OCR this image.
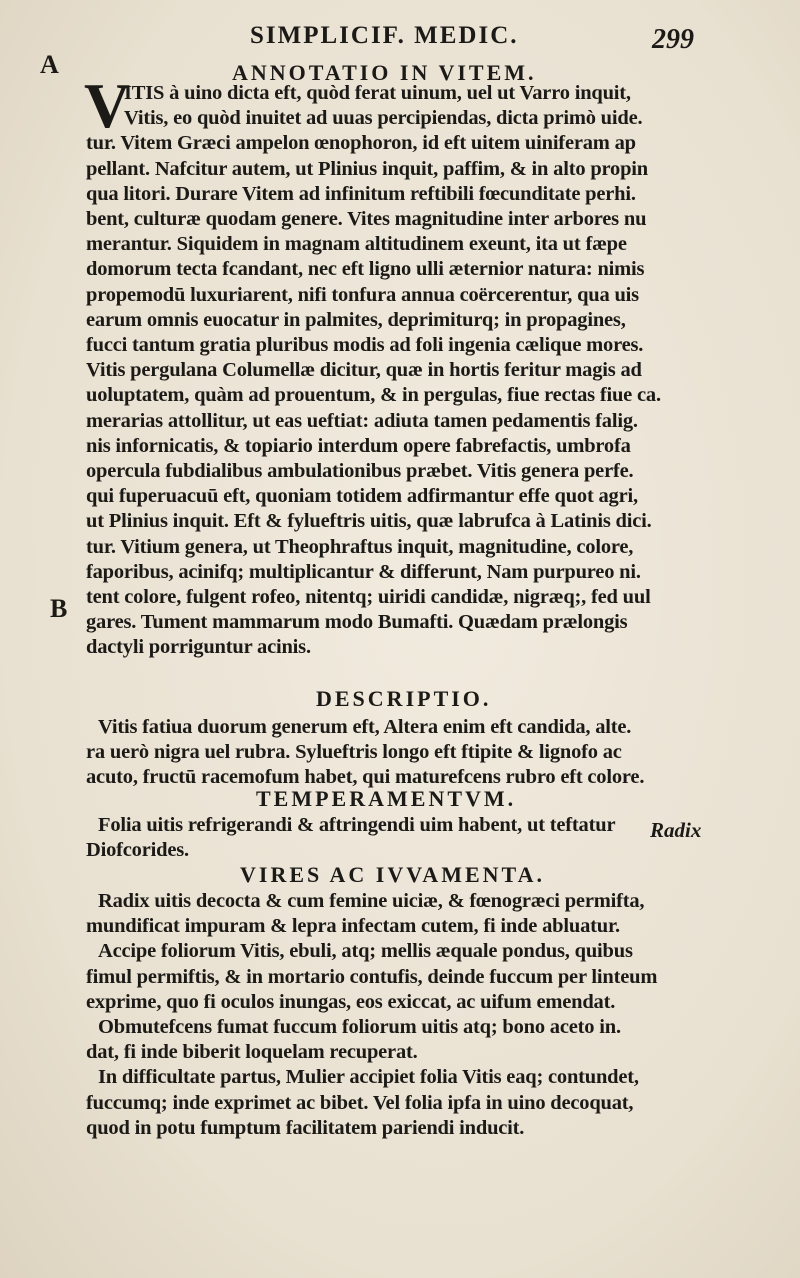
A
SIMPLICIF. MEDIC.	299
ANNOTATIO IN VITEM.
V
ITIS à uino dicta eft, quòd ferat uinum, uel ut Varro inquit,
Vitis, eo quòd inuitet ad uuas percipiendas, dicta primò uide.
tur. Vitem Græci ampelon œnophoron, id eft uitem uiniferam ap
pellant. Nafcitur autem, ut Plinius inquit, paffim, & in alto propin
qua litori. Durare Vitem ad infinitum reftibili fœcunditate perhi.
bent, culturæ quodam genere. Vites magnitudine inter arbores nu
merantur. Siquidem in magnam altitudinem exeunt, ita ut fæpe
domorum tecta fcandant, nec eft ligno ulli æternior natura: nimis
propemodū luxuriarent, nifi tonfura annua coërcerentur, qua uis
earum omnis euocatur in palmites, deprimiturq; in propagines,
fucci tantum gratia pluribus modis ad foli ingenia cælique mores.
Vitis pergulana Columellæ dicitur, quæ in hortis feritur magis ad
uoluptatem, quàm ad prouentum, & in pergulas, fiue rectas fiue ca.
merarias attollitur, ut eas ueftiat: adiuta tamen pedamentis falig.
nis infornicatis, & topiario interdum opere fabrefactis, umbrofa
opercula fubdialibus ambulationibus præbet. Vitis genera perfe.
qui fuperuacuū eft, quoniam totidem adfirmantur effe quot agri,
ut Plinius inquit. Eft & fylueftris uitis, quæ labrufca à Latinis dici.
tur. Vitium genera, ut Theophraftus inquit, magnitudine, colore,
faporibus, acinifq; multiplicantur & differunt, Nam purpureo ni.
tent colore, fulgent rofeo, nitentq; uiridi candidæ, nigræq;, fed uul
gares. Tument mammarum modo Bumafti. Quædam prælongis
dactyli porriguntur acinis.
B
DESCRIPTIO.
Vitis fatiua duorum generum eft, Altera enim eft candida, alte.
ra uerò nigra uel rubra. Sylueftris longo eft ftipite & lignofo ac
acuto, fructū racemofum habet, qui maturefcens rubro eft colore.
TEMPERAMENTVM.
Folia uitis refrigerandi & aftringendi uim habent, ut teftatur
Diofcorides.
VIRES AC IVVAMENTA.
Radix uitis decocta & cum femine uiciæ, & fœnogræci permifta,
mundificat impuram & lepra infectam cutem, fi inde abluatur.
Accipe foliorum Vitis, ebuli, atq; mellis æquale pondus, quibus
fimul permiftis, & in mortario contufis, deinde fuccum per linteum
exprime, quo fi oculos inungas, eos exiccat, ac uifum emendat.
Obmutefcens fumat fuccum foliorum uitis atq; bono aceto in.
dat, fi inde biberit loquelam recuperat.
In difficultate partus, Mulier accipiet folia Vitis eaq; contundet,
fuccumq; inde exprimet ac bibet. Vel folia ipfa in uino decoquat,
quod in potu fumptum facilitatem pariendi inducit.
Radix
